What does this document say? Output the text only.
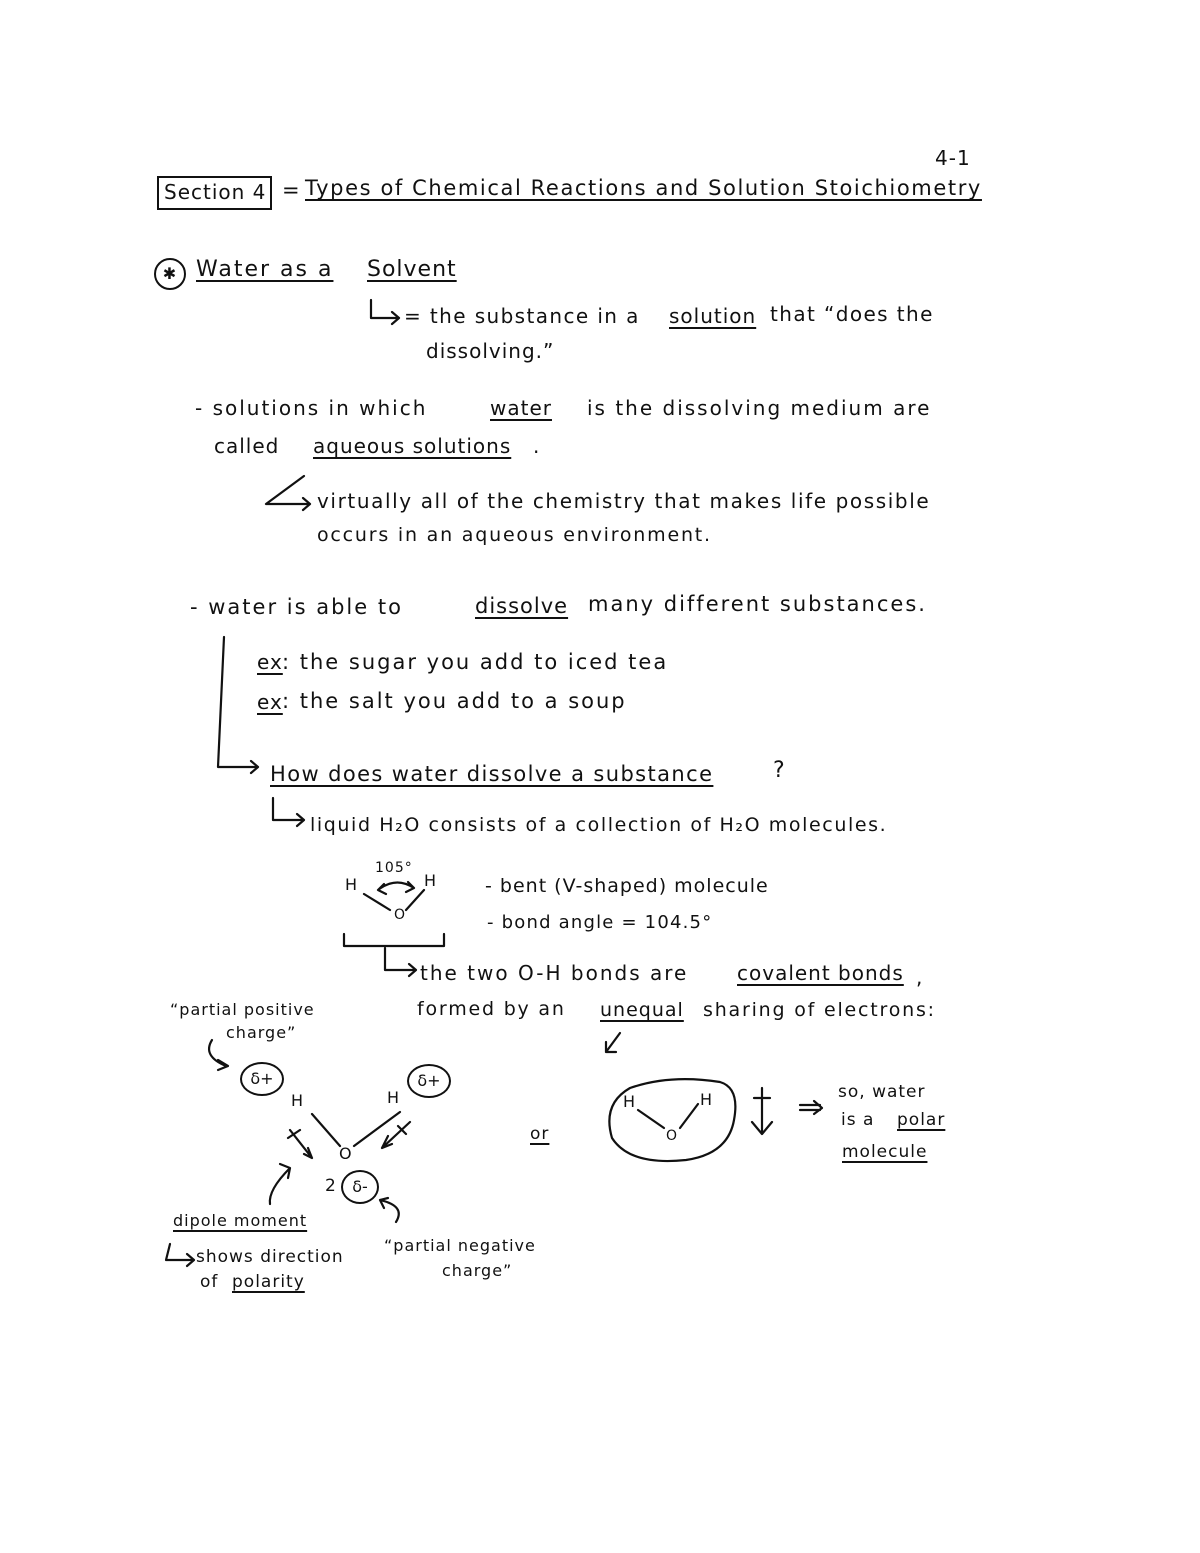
4-1
Section 4 = Types of Chemical Reactions and Solution Stoichiometry
✱ Water as a Solvent
= the substance in a solution that “does the
dissolving.”
- solutions in which	water is the dissolving medium are
called aqueous solutions .
virtually all of the chemistry that makes life possible
occurs in an aqueous environment.
- water is able to	dissolve many different substances.
ex : the sugar you add to iced tea
ex : the salt you add to a soup
How does water dissolve a substance	?
liquid H₂O consists of a collection of H₂O molecules.
105°
H	H
O
- bent (V-shaped) molecule
- bond angle = 104.5°
the two O-H bonds are covalent bonds ,
formed by an unequal sharing of electrons:
“partial positive
charge”
δ+	δ+
H	H
O
2 δ-
dipole moment
shows direction
of polarity
“partial negative
charge”
or
H	H
O
so, water
is a polar
molecule
